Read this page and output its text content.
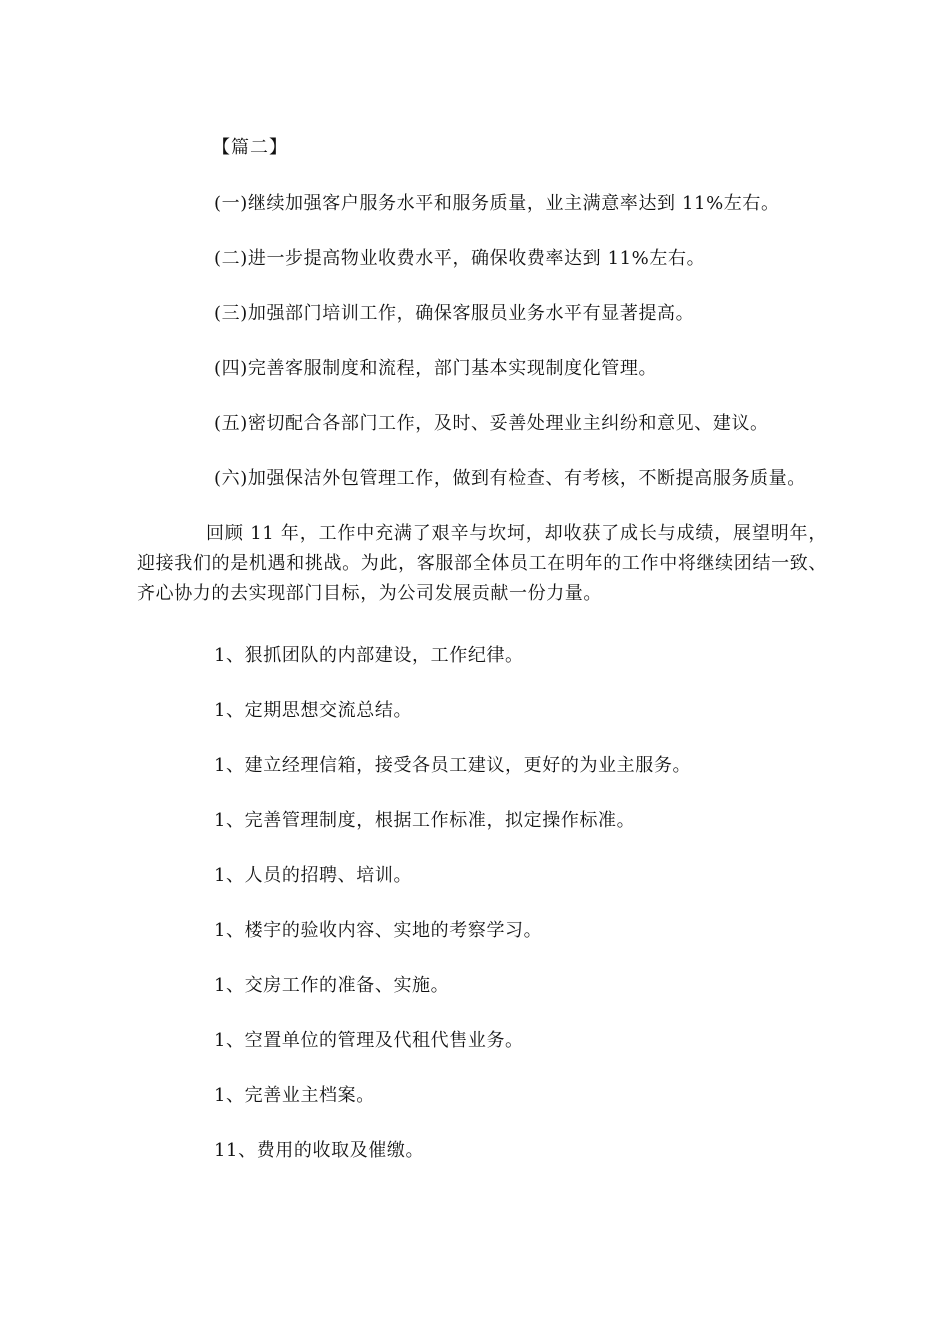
【篇二】
(一)继续加强客户服务水平和服务质量，业主满意率达到 11%左右。
(二)进一步提高物业收费水平，确保收费率达到 11%左右。
(三)加强部门培训工作，确保客服员业务水平有显著提高。
(四)完善客服制度和流程，部门基本实现制度化管理。
(五)密切配合各部门工作，及时、妥善处理业主纠纷和意见、建议。
(六)加强保洁外包管理工作，做到有检查、有考核，不断提高服务质量。
回顾 11 年，工作中充满了艰辛与坎坷，却收获了成长与成绩，展望明年，迎接我们的是机遇和挑战。为此，客服部全体员工在明年的工作中将继续团结一致、齐心协力的去实现部门目标，为公司发展贡献一份力量。
1、狠抓团队的内部建设，工作纪律。
1、定期思想交流总结。
1、建立经理信箱，接受各员工建议，更好的为业主服务。
1、完善管理制度，根据工作标准，拟定操作标准。
1、人员的招聘、培训。
1、楼宇的验收内容、实地的考察学习。
1、交房工作的准备、实施。
1、空置单位的管理及代租代售业务。
1、完善业主档案。
11、费用的收取及催缴。
